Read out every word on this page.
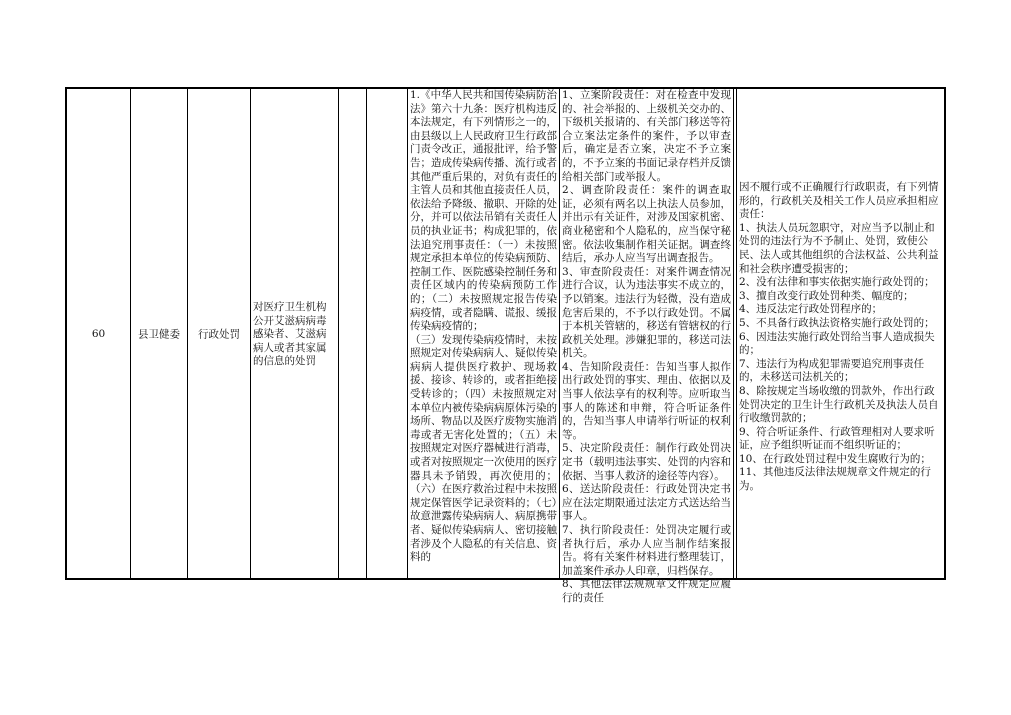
60	县卫健委	行政处罚
对医疗卫生机构公开艾滋病病毒感染者、艾滋病病人或者其家属的信息的处罚
1.《中华人民共和国传染病防治法》第六十九条：医疗机构违反本法规定，有下列情形之一的，由县级以上人民政府卫生行政部门责令改正，通报批评，给予警告；造成传染病传播、流行或者其他严重后果的，对负有责任的主管人员和其他直接责任人员，依法给予降级、撤职、开除的处分，并可以依法吊销有关责任人员的执业证书；构成犯罪的，依法追究刑事责任：（一）未按照规定承担本单位的传染病预防、控制工作、医院感染控制任务和责任区域内的传染病预防工作的；（二）未按照规定报告传染病疫情，或者隐瞒、谎报、缓报传染病疫情的；
（三）发现传染病疫情时，未按照规定对传染病病人、疑似传染病病人提供医疗救护、现场救援、接诊、转诊的，或者拒绝接受转诊的；（四）未按照规定对本单位内被传染病病原体污染的场所、物品以及医疗废物实施消毒或者无害化处置的；（五）未按照规定对医疗器械进行消毒，或者对按照规定一次使用的医疗器具未予销毁，再次使用的；（六）在医疗救治过程中未按照规定保管医学记录资料的；（七）故意泄露传染病病人、病原携带者、疑似传染病病人、密切接触者涉及个人隐私的有关信息、资料的
1、立案阶段责任：对在检查中发现的、社会举报的、上级机关交办的、下级机关报请的、有关部门移送等符合立案法定条件的案件，予以审查后，确定是否立案，决定不予立案的，不予立案的书面记录存档并反馈给相关部门或举报人。
2、调查阶段责任：案件的调查取证，必须有两名以上执法人员参加，并出示有关证件，对涉及国家机密、商业秘密和个人隐私的，应当保守秘密。依法收集制作相关证据。调查终结后，承办人应当写出调查报告。
3、审查阶段责任：对案件调查情况进行合议，认为违法事实不成立的，予以销案。违法行为轻微，没有造成危害后果的，不予以行政处罚。不属于本机关管辖的，移送有管辖权的行政机关处理。涉嫌犯罪的，移送司法机关。
4、告知阶段责任：告知当事人拟作出行政处罚的事实、理由、依据以及当事人依法享有的权利等。应听取当事人的陈述和申辩，符合听证条件的，告知当事人申请举行听证的权利等。
5、决定阶段责任：制作行政处罚决定书（载明违法事实、处罚的内容和依据、当事人救济的途径等内容）。
6、送达阶段责任：行政处罚决定书应在法定期限通过法定方式送达给当事人。
7、执行阶段责任：处罚决定履行或者执行后，承办人应当制作结案报告。将有关案件材料进行整理装订，加盖案件承办人印章，归档保存。
8、其他法律法规规章文件规定应履行的责任
因不履行或不正确履行行政职责，有下列情形的，行政机关及相关工作人员应承担相应责任：
1、执法人员玩忽职守，对应当予以制止和处罚的违法行为不予制止、处罚，致使公民、法人或其他组织的合法权益、公共利益和社会秩序遭受损害的；
2、没有法律和事实依据实施行政处罚的；
3、擅自改变行政处罚种类、幅度的；
4、违反法定行政处罚程序的；
5、不具备行政执法资格实施行政处罚的；
6、因违法实施行政处罚给当事人造成损失的；
7、违法行为构成犯罪需要追究刑事责任的，未移送司法机关的；
8、除按规定当场收缴的罚款外，作出行政处罚决定的卫生计生行政机关及执法人员自行收缴罚款的；
9、符合听证条件、行政管理相对人要求听证，应予组织听证而不组织听证的；
10、在行政处罚过程中发生腐败行为的；
11、其他违反法律法规规章文件规定的行为。
